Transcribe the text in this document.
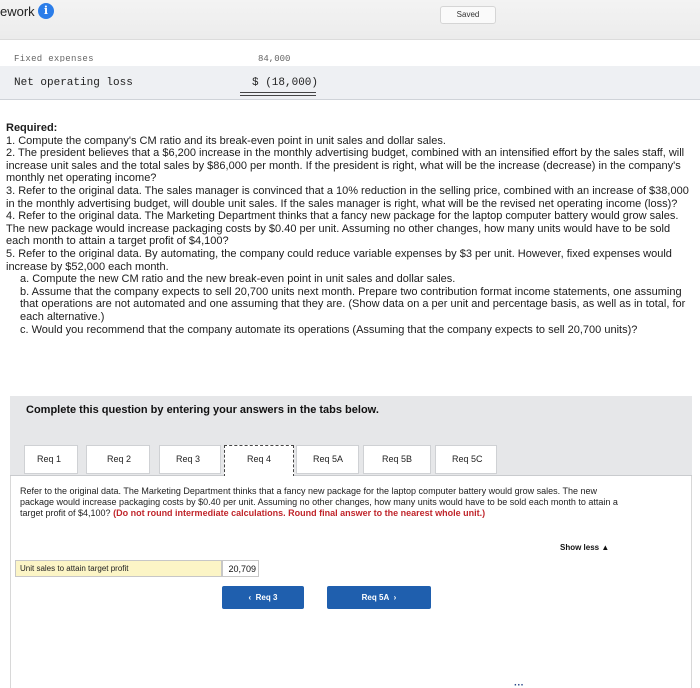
ework i	Saved
Fixed expenses	84,000
Net operating loss	$ (18,000)
Required:
1. Compute the company's CM ratio and its break-even point in unit sales and dollar sales.
2. The president believes that a $6,200 increase in the monthly advertising budget, combined with an intensified effort by the sales staff, will increase unit sales and the total sales by $86,000 per month. If the president is right, what will be the increase (decrease) in the company's monthly net operating income?
3. Refer to the original data. The sales manager is convinced that a 10% reduction in the selling price, combined with an increase of $38,000 in the monthly advertising budget, will double unit sales. If the sales manager is right, what will be the revised net operating income (loss)?
4. Refer to the original data. The Marketing Department thinks that a fancy new package for the laptop computer battery would grow sales. The new package would increase packaging costs by $0.40 per unit. Assuming no other changes, how many units would have to be sold each month to attain a target profit of $4,100?
5. Refer to the original data. By automating, the company could reduce variable expenses by $3 per unit. However, fixed expenses would increase by $52,000 each month.
a. Compute the new CM ratio and the new break-even point in unit sales and dollar sales.
b. Assume that the company expects to sell 20,700 units next month. Prepare two contribution format income statements, one assuming that operations are not automated and one assuming that they are. (Show data on a per unit and percentage basis, as well as in total, for each alternative.)
c. Would you recommend that the company automate its operations (Assuming that the company expects to sell 20,700 units)?
Complete this question by entering your answers in the tabs below.
Req 1	Req 2	Req 3	Req 4	Req 5A	Req 5B	Req 5C
Refer to the original data. The Marketing Department thinks that a fancy new package for the laptop computer battery would grow sales. The new package would increase packaging costs by $0.40 per unit. Assuming no other changes, how many units would have to be sold each month to attain a target profit of $4,100? (Do not round intermediate calculations. Round final answer to the nearest whole unit.)
Show less ▲
Unit sales to attain target profit
20,709
‹ Req 3	Req 5A ›
···
